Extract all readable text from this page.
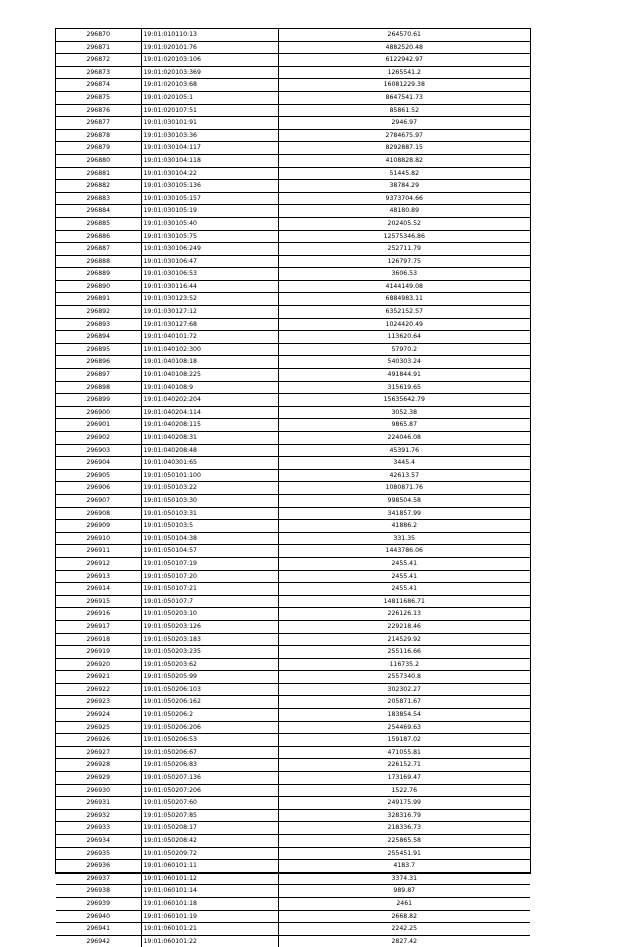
296870	19:01:010110:13	264570.61
296871	19:01:020101:76	4882520.48
296872	19:01:020103:106	6122942.97
296873	19:01:020103:369	1265541.2
296874	19:01:020103:68	16081229.38
296875	19:01:020105:1	8647541.73
296876	19:01:020107:51	85861.52
296877	19:01:030101:91	2946.97
296878	19:01:030103:36	2784675.97
296879	19:01:030104:117	8292887.15
296880	19:01:030104:118	4108828.82
296881	19:01:030104:22	51445.82
296882	19:01:030105:136	38784.29
296883	19:01:030105:157	9373704.66
296884	19:01:030105:19	48180.89
296885	19:01:030105:40	202405.52
296886	19:01:030105:75	12575346.86
296887	19:01:030106:249	252711.79
296888	19:01:030106:47	126797.75
296889	19:01:030106:53	3606.53
296890	19:01:030116:44	4144149.08
296891	19:01:030123:52	6884983.11
296892	19:01:030127:12	6352152.57
296893	19:01:030127:68	1024420.49
296894	19:01:040101:72	113620.64
296895	19:01:040102:300	57970.2
296896	19:01:040108:18	540303.24
296897	19:01:040108:225	491844.91
296898	19:01:040108:9	315619.65
296899	19:01:040202:204	15635642.79
296900	19:01:040204:114	3052.38
296901	19:01:040208:115	9865.87
296902	19:01:040208:31	224046.08
296903	19:01:040208:48	45391.76
296904	19:01:040301:65	3445.4
296905	19:01:050101:100	42613.57
296906	19:01:050103:22	1080871.76
296907	19:01:050103:30	998504.58
296908	19:01:050103:31	341857.99
296909	19:01:050103:5	41886.2
296910	19:01:050104:38	331.35
296911	19:01:050104:57	1443786.06
296912	19:01:050107:19	2455.41
296913	19:01:050107:20	2455.41
296914	19:01:050107:21	2455.41
296915	19:01:050107:7	14811686.71
296916	19:01:050203:10	226126.13
296917	19:01:050203:126	229218.46
296918	19:01:050203:183	214529.92
296919	19:01:050203:235	255116.66
296920	19:01:050203:62	116735.2
296921	19:01:050205:99	2557340.8
296922	19:01:050206:103	302302.27
296923	19:01:050206:162	205871.67
296924	19:01:050206:2	183854.54
296925	19:01:050206:206	254469.63
296926	19:01:050206:53	159187.02
296927	19:01:050206:67	471055.81
296928	19:01:050206:83	226152.71
296929	19:01:050207:136	173169.47
296930	19:01:050207:206	1522.76
296931	19:01:050207:60	249175.99
296932	19:01:050207:85	328316.79
296933	19:01:050208:17	218336.73
296934	19:01:050208:42	225865.58
296935	19:01:050209:72	255451.91
296936	19:01:060101:11	4183.7
296937	19:01:060101:12	3374.31
296938	19:01:060101:14	989.87
296939	19:01:060101:18	2461
296940	19:01:060101:19	2668.82
296941	19:01:060101:21	2242.25
296942	19:01:060101:22	2827.42
